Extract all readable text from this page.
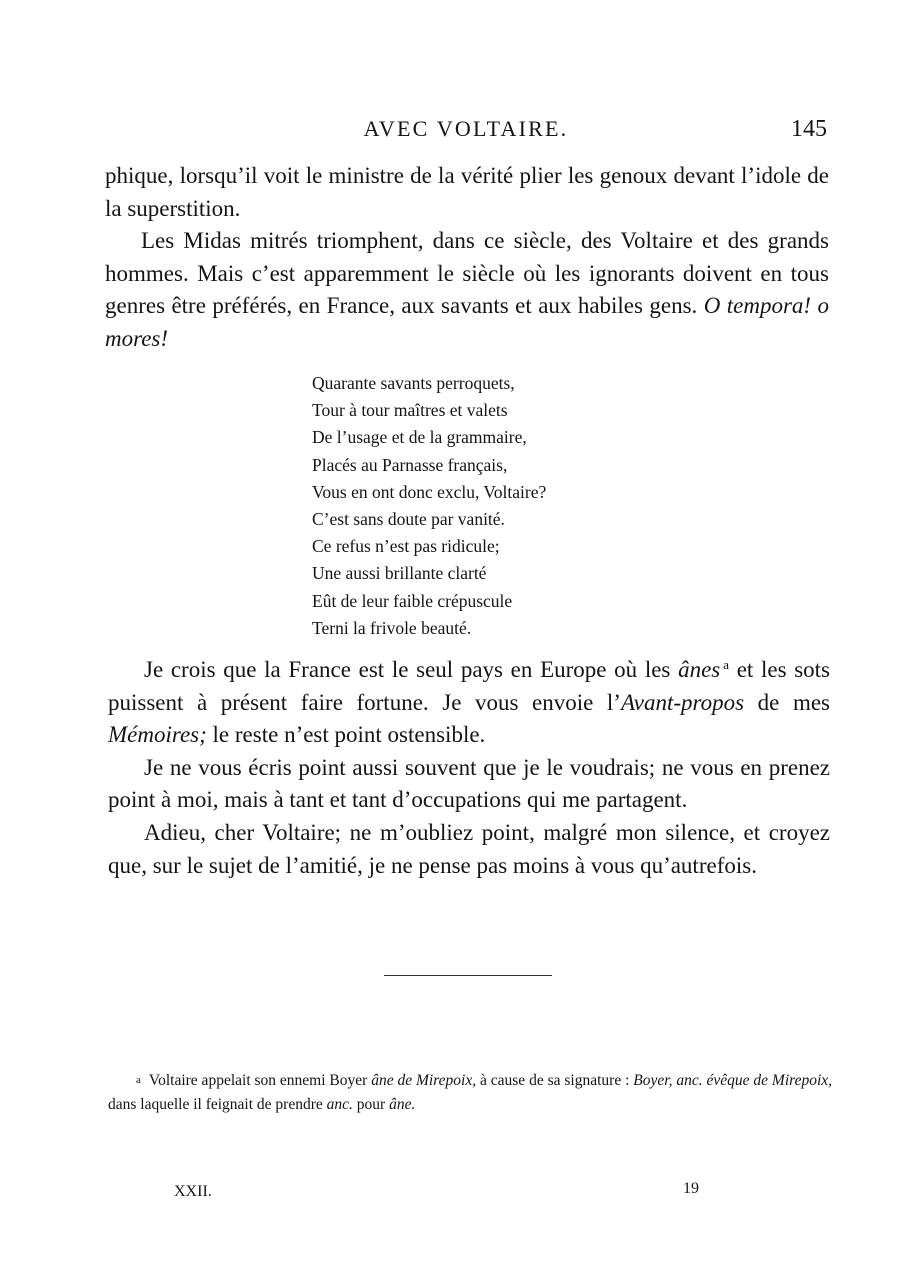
AVEC VOLTAIRE.	145

phique, lorsqu’il voit le ministre de la vérité plier les genoux devant l’idole de la superstition.

Les Midas mitrés triomphent, dans ce siècle, des Voltaire et des grands hommes. Mais c’est apparemment le siècle où les ignorants doivent en tous genres être préférés, en France, aux savants et aux habiles gens. O tempora! o mores!

Quarante savants perroquets,
Tour à tour maîtres et valets
De l’usage et de la grammaire,
Placés au Parnasse français,
Vous en ont donc exclu, Voltaire?
C’est sans doute par vanité.
Ce refus n’est pas ridicule;
Une aussi brillante clarté
Eût de leur faible crépuscule
Terni la frivole beauté.

Je crois que la France est le seul pays en Europe où les ânes $^a$ et les sots puissent à présent faire fortune. Je vous envoie l’Avant-propos de mes Mémoires; le reste n’est point ostensible.

Je ne vous écris point aussi souvent que je le voudrais; ne vous en prenez point à moi, mais à tant et tant d’occupations qui me partagent.

Adieu, cher Voltaire; ne m’oubliez point, malgré mon silence, et croyez que, sur le sujet de l’amitié, je ne pense pas moins à vous qu’autrefois.

a Voltaire appelait son ennemi Boyer âne de Mirepoix, à cause de sa signature : Boyer, anc. évêque de Mirepoix, dans laquelle il feignait de prendre anc. pour âne.
XXII.	19
